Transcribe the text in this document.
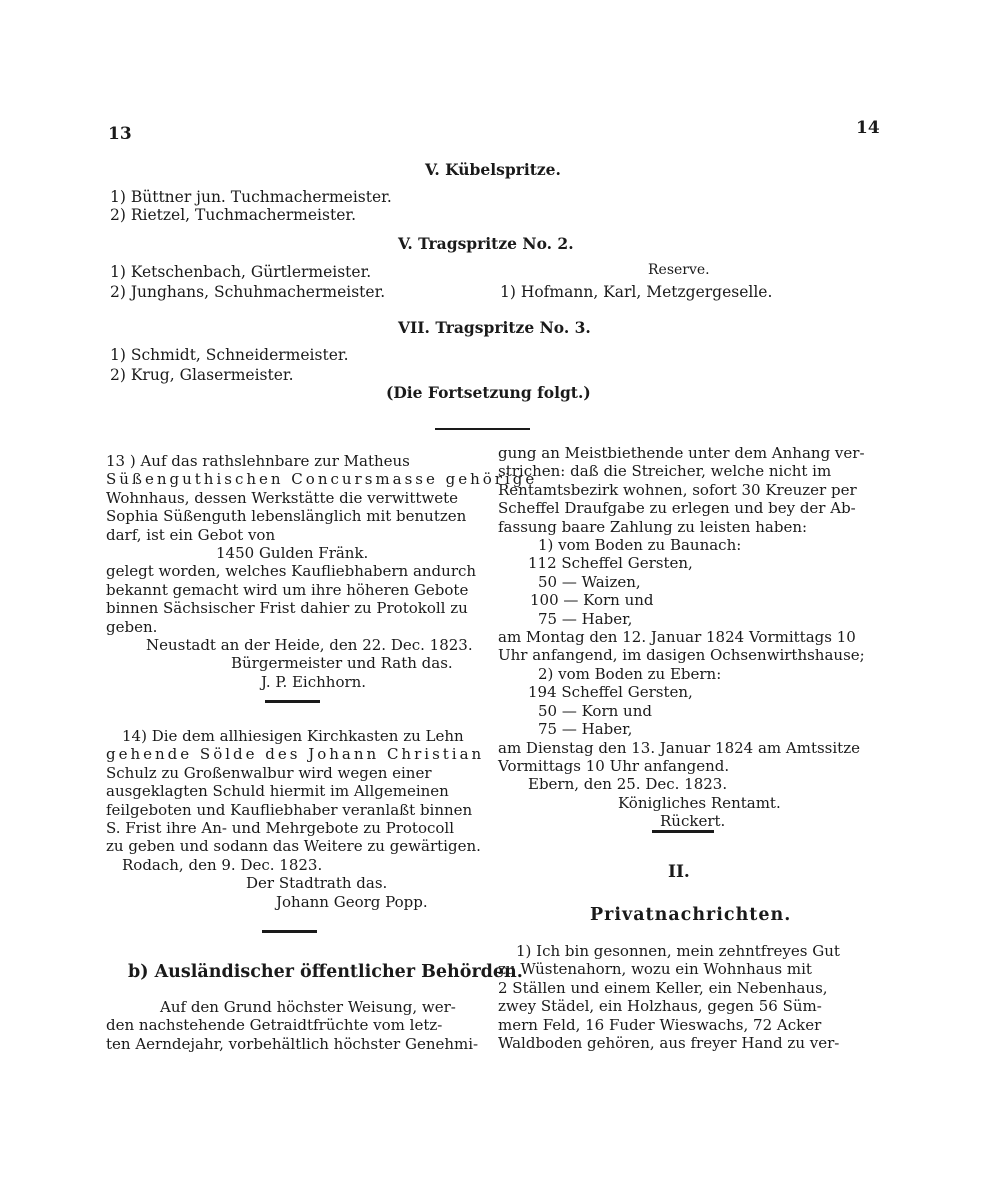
13	14
V. Kübelspritze.
1) Büttner jun. Tuchmachermeister.
2) Rietzel, Tuchmachermeister.
V. Tragspritze No. 2.
1) Ketschenbach, Gürtlermeister.
2) Junghans, Schuhmachermeister.
Reserve.
1) Hofmann, Karl, Metzgergeselle.
VII. Tragspritze No. 3.
1) Schmidt, Schneidermeister.
2) Krug, Glasermeister.
(Die Fortsetzung folgt.)
13 ) Auf das rathslehnbare zur Matheus
Süßenguthischen Concursmasse gehörige
Wohnhaus, dessen Werkstätte die verwittwete
Sophia Süßenguth lebenslänglich mit benutzen
darf, ist ein Gebot von
1450 Gulden Fränk.
gelegt worden, welches Kaufliebhabern andurch
bekannt gemacht wird um ihre höheren Gebote
binnen Sächsischer Frist dahier zu Protokoll zu
geben.
Neustadt an der Heide, den 22. Dec. 1823.
Bürgermeister und Rath das.
J. P. Eichhorn.
14) Die dem allhiesigen Kirchkasten zu Lehn
gehende Sölde des Johann Christian
Schulz zu Großenwalbur wird wegen einer
ausgeklagten Schuld hiermit im Allgemeinen
feilgeboten und Kaufliebhaber veranlaßt binnen
S. Frist ihre An- und Mehrgebote zu Protocoll
zu geben und sodann das Weitere zu gewärtigen.
Rodach, den 9. Dec. 1823.
Der Stadtrath das.
Johann Georg Popp.
b) Ausländischer öffentlicher Behörden.
Auf den Grund höchster Weisung, wer-
den nachstehende Getraidtfrüchte vom letz-
ten Aerndejahr, vorbehältlich höchster Genehmi-
gung an Meistbiethende unter dem Anhang ver-
strichen: daß die Streicher, welche nicht im
Rentamtsbezirk wohnen, sofort 30 Kreuzer per
Scheffel Draufgabe zu erlegen und bey der Ab-
fassung baare Zahlung zu leisten haben:
1) vom Boden zu Baunach:
112 Scheffel Gersten,
50 — Waizen,
100 — Korn und
75 — Haber,
am Montag den 12. Januar 1824 Vormittags 10
Uhr anfangend, im dasigen Ochsenwirthshause;
2) vom Boden zu Ebern:
194 Scheffel Gersten,
50 — Korn und
75 — Haber,
am Dienstag den 13. Januar 1824 am Amtssitze
Vormittags 10 Uhr anfangend.
Ebern, den 25. Dec. 1823.
Königliches Rentamt.
Rückert.
II.
Privatnachrichten.
1) Ich bin gesonnen, mein zehntfreyes Gut
zu Wüstenahorn, wozu ein Wohnhaus mit
2 Ställen und einem Keller, ein Nebenhaus,
zwey Städel, ein Holzhaus, gegen 56 Süm-
mern Feld, 16 Fuder Wieswachs, 72 Acker
Waldboden gehören, aus freyer Hand zu ver-
